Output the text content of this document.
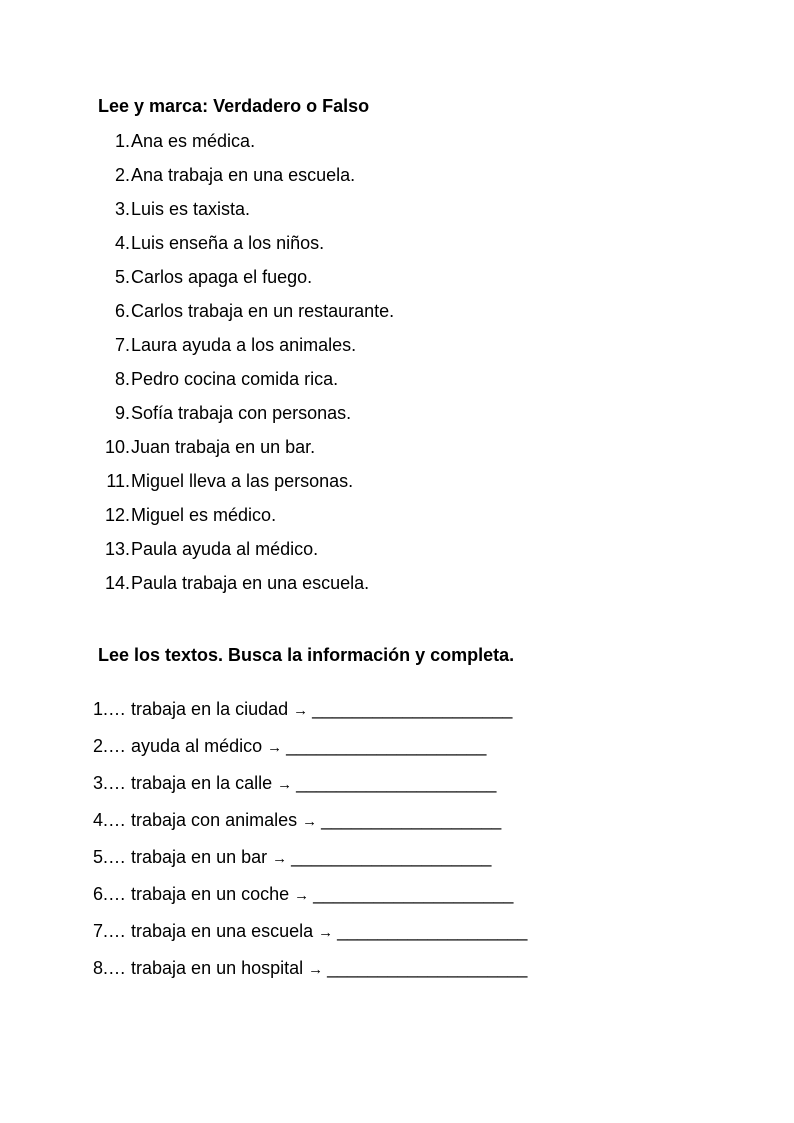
Lee y marca: Verdadero o Falso
1. Ana es médica.
2. Ana trabaja en una escuela.
3. Luis es taxista.
4. Luis enseña a los niños.
5. Carlos apaga el fuego.
6. Carlos trabaja en un restaurante.
7. Laura ayuda a los animales.
8. Pedro cocina comida rica.
9. Sofía trabaja con personas.
10. Juan trabaja en un bar.
11. Miguel lleva a las personas.
12. Miguel es médico.
13. Paula ayuda al médico.
14. Paula trabaja en una escuela.
Lee los textos. Busca la información y completa.
1.… trabaja en la ciudad → ____________________
2.… ayuda al médico → ____________________
3.… trabaja en la calle → ____________________
4.… trabaja con animales → __________________
5.… trabaja en un bar → ____________________
6.… trabaja en un coche → ____________________
7.… trabaja en una escuela → ___________________
8.… trabaja en un hospital → ____________________
